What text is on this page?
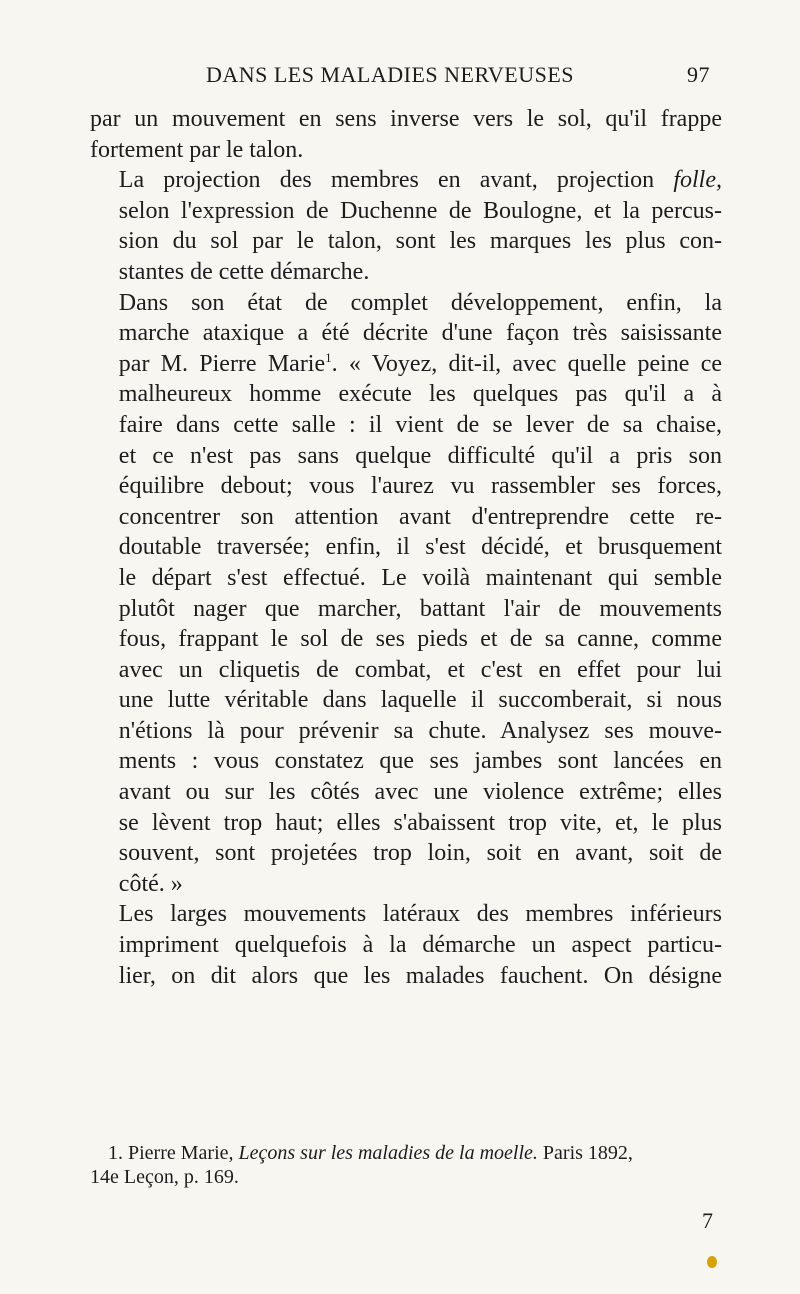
DANS LES MALADIES NERVEUSES	97

par un mouvement en sens inverse vers le sol, qu'il frappe
fortement par le talon.

La projection des membres en avant, projection folle,
selon l'expression de Duchenne de Boulogne, et la percus-
sion du sol par le talon, sont les marques les plus con-
stantes de cette démarche.

Dans son état de complet développement, enfin, la
marche ataxique a été décrite d'une façon très saisissante
par M. Pierre Marie$^1$. « Voyez, dit-il, avec quelle peine ce
malheureux homme exécute les quelques pas qu'il a à
faire dans cette salle : il vient de se lever de sa chaise,
et ce n'est pas sans quelque difficulté qu'il a pris son
équilibre debout; vous l'aurez vu rassembler ses forces,
concentrer son attention avant d'entreprendre cette re-
doutable traversée; enfin, il s'est décidé, et brusquement
le départ s'est effectué. Le voilà maintenant qui semble
plutôt nager que marcher, battant l'air de mouvements
fous, frappant le sol de ses pieds et de sa canne, comme
avec un cliquetis de combat, et c'est en effet pour lui
une lutte véritable dans laquelle il succomberait, si nous
n'étions là pour prévenir sa chute. Analysez ses mouve-
ments : vous constatez que ses jambes sont lancées en
avant ou sur les côtés avec une violence extrême; elles
se lèvent trop haut; elles s'abaissent trop vite, et, le plus
souvent, sont projetées trop loin, soit en avant, soit de
côté. »

Les larges mouvements latéraux des membres inférieurs
impriment quelquefois à la démarche un aspect particu-
lier, on dit alors que les malades fauchent. On désigne

1. Pierre Marie, Leçons sur les maladies de la moelle. Paris 1892,
14e Leçon, p. 169.
7
